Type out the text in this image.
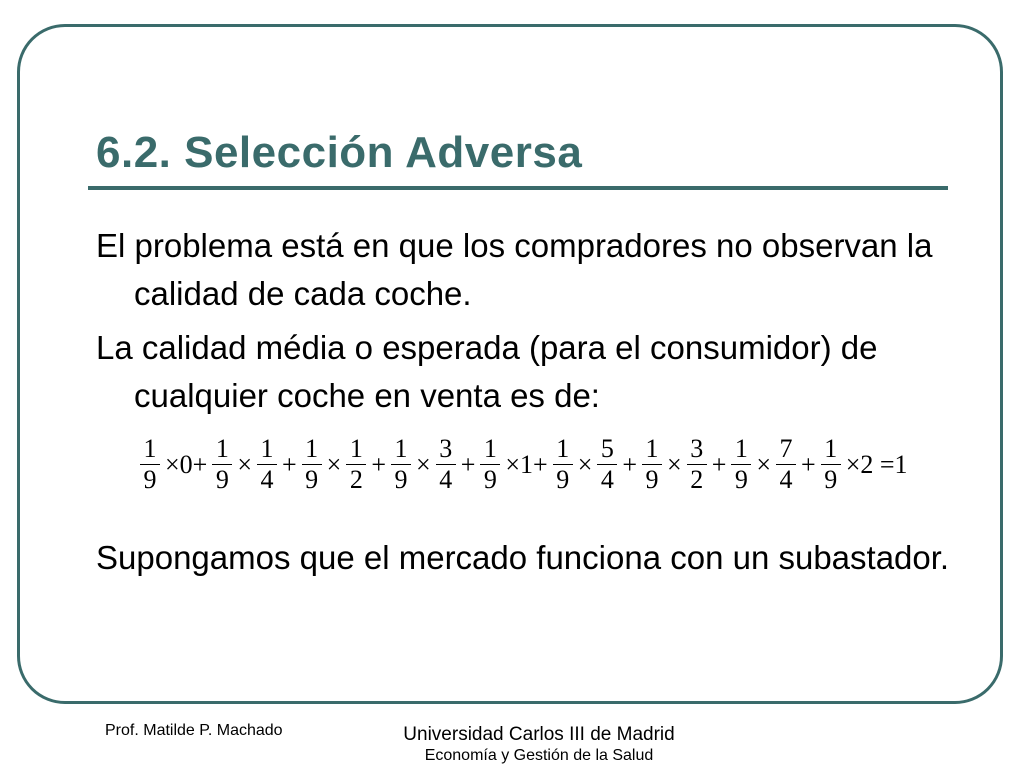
6.2. Selección Adversa
El problema está en que los compradores no observan la calidad de cada coche.
La calidad média o esperada (para el consumidor) de cualquier coche en venta es de:
$\frac{1}{9} \times 0+ \frac{1}{9} \times \frac{1}{4} + \frac{1}{9} \times \frac{1}{2} + \frac{1}{9} \times \frac{3}{4} + \frac{1}{9} \times 1+ \frac{1}{9} \times \frac{5}{4} + \frac{1}{9} \times \frac{3}{2} + \frac{1}{9} \times \frac{7}{4} + \frac{1}{9} \times 2 =1$
Supongamos que el mercado funciona con un subastador.
Prof. Matilde P. Machado	Universidad Carlos III de Madrid
Economía y Gestión de la Salud
